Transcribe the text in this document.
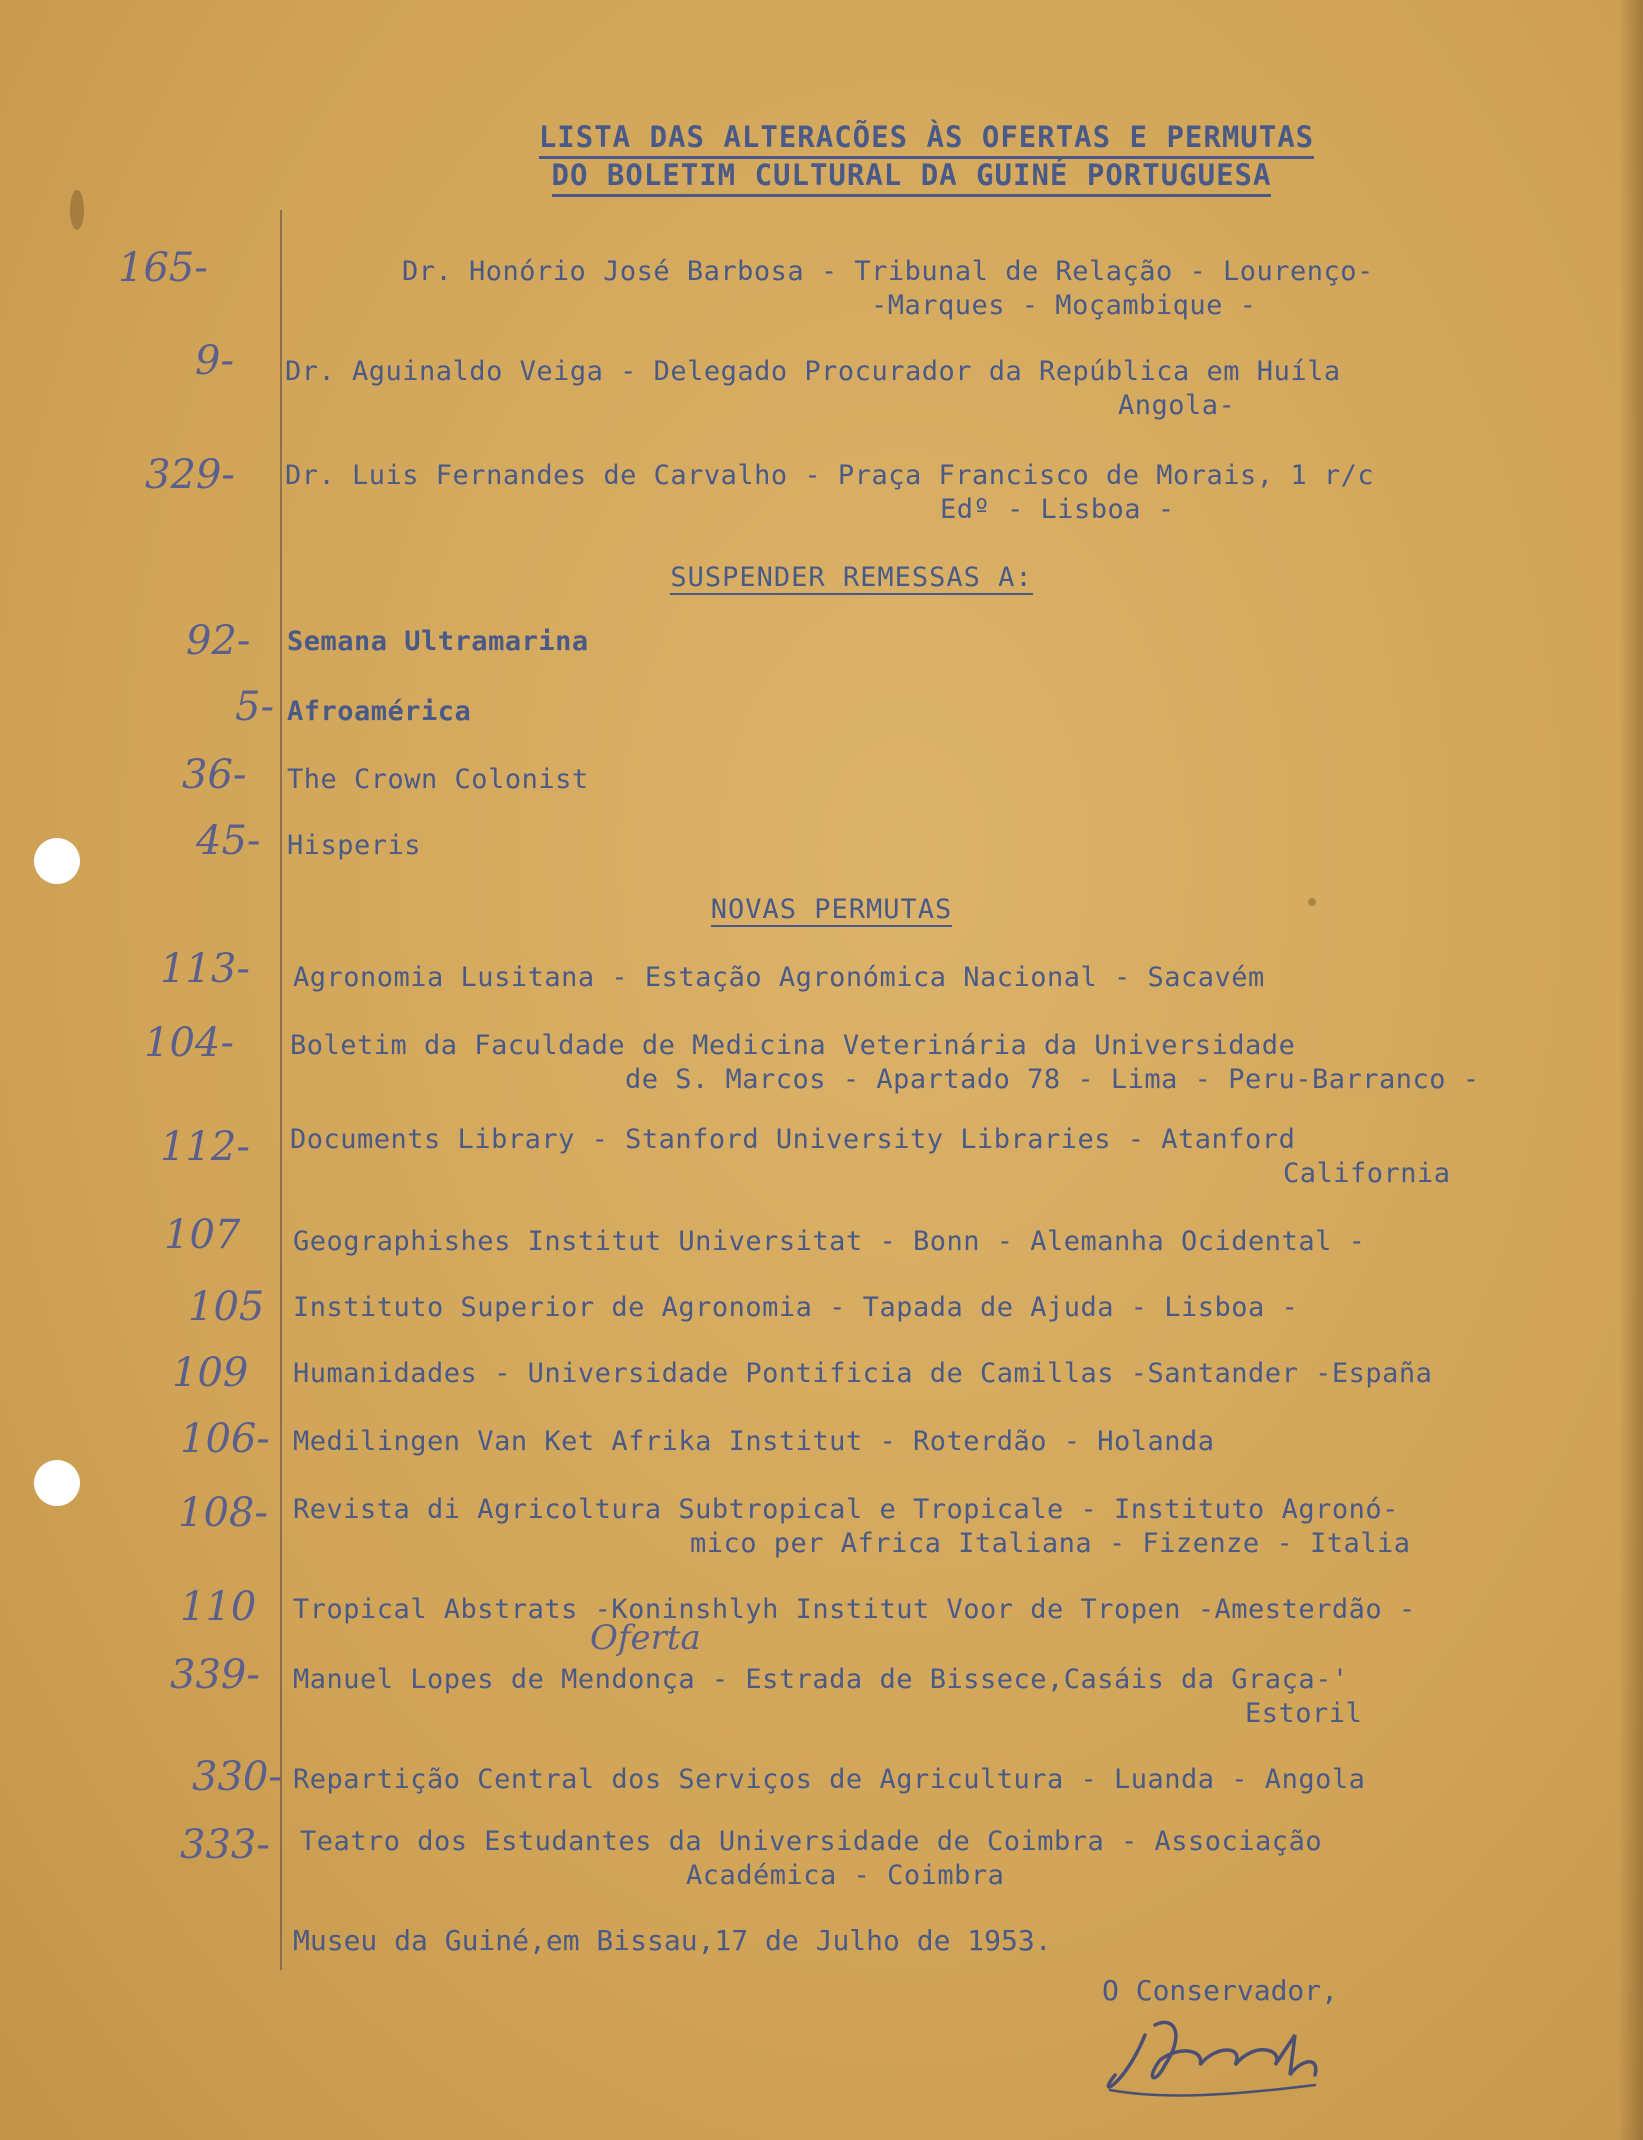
LISTA DAS ALTERACÕES ÀS OFERTAS E PERMUTAS
DO BOLETIM CULTURAL DA GUINÉ PORTUGUESA
165-	Dr. Honório José Barbosa - Tribunal de Relação - Lourenço-
-Marques - Moçambique -
9- Dr. Aguinaldo Veiga - Delegado Procurador da República em Huíla
Angola-
329- Dr. Luis Fernandes de Carvalho - Praça Francisco de Morais, 1 r/c
Edº - Lisboa -
SUSPENDER REMESSAS A:
92- Semana Ultramarina
5- Afroamérica
36- The Crown Colonist
45- Hisperis
NOVAS PERMUTAS
113- Agronomia Lusitana - Estação Agronómica Nacional - Sacavém
104- Boletim da Faculdade de Medicina Veterinária da Universidade
de S. Marcos - Apartado 78 - Lima - Peru-Barranco -
112- Documents Library - Stanford University Libraries - Atanford
California
107 Geographishes Institut Universitat - Bonn - Alemanha Ocidental -
105 Instituto Superior de Agronomia - Tapada de Ajuda - Lisboa -
109 Humanidades - Universidade Pontificia de Camillas -Santander -España
106- Medilingen Van Ket Afrika Institut - Roterdão - Holanda
108- Revista di Agricoltura Subtropical e Tropicale - Instituto Agronó-
mico per Africa Italiana - Fizenze - Italia
110 Tropical Abstrats -Koninshlyh Institut Voor de Tropen -Amesterdão -
Oferta
339- Manuel Lopes de Mendonça - Estrada de Bissece,Casáis da Graça-'
Estoril
330- Repartição Central dos Serviços de Agricultura - Luanda - Angola
333- Teatro dos Estudantes da Universidade de Coimbra - Associação
Académica - Coimbra
Museu da Guiné,em Bissau,17 de Julho de 1953.
O Conservador,
